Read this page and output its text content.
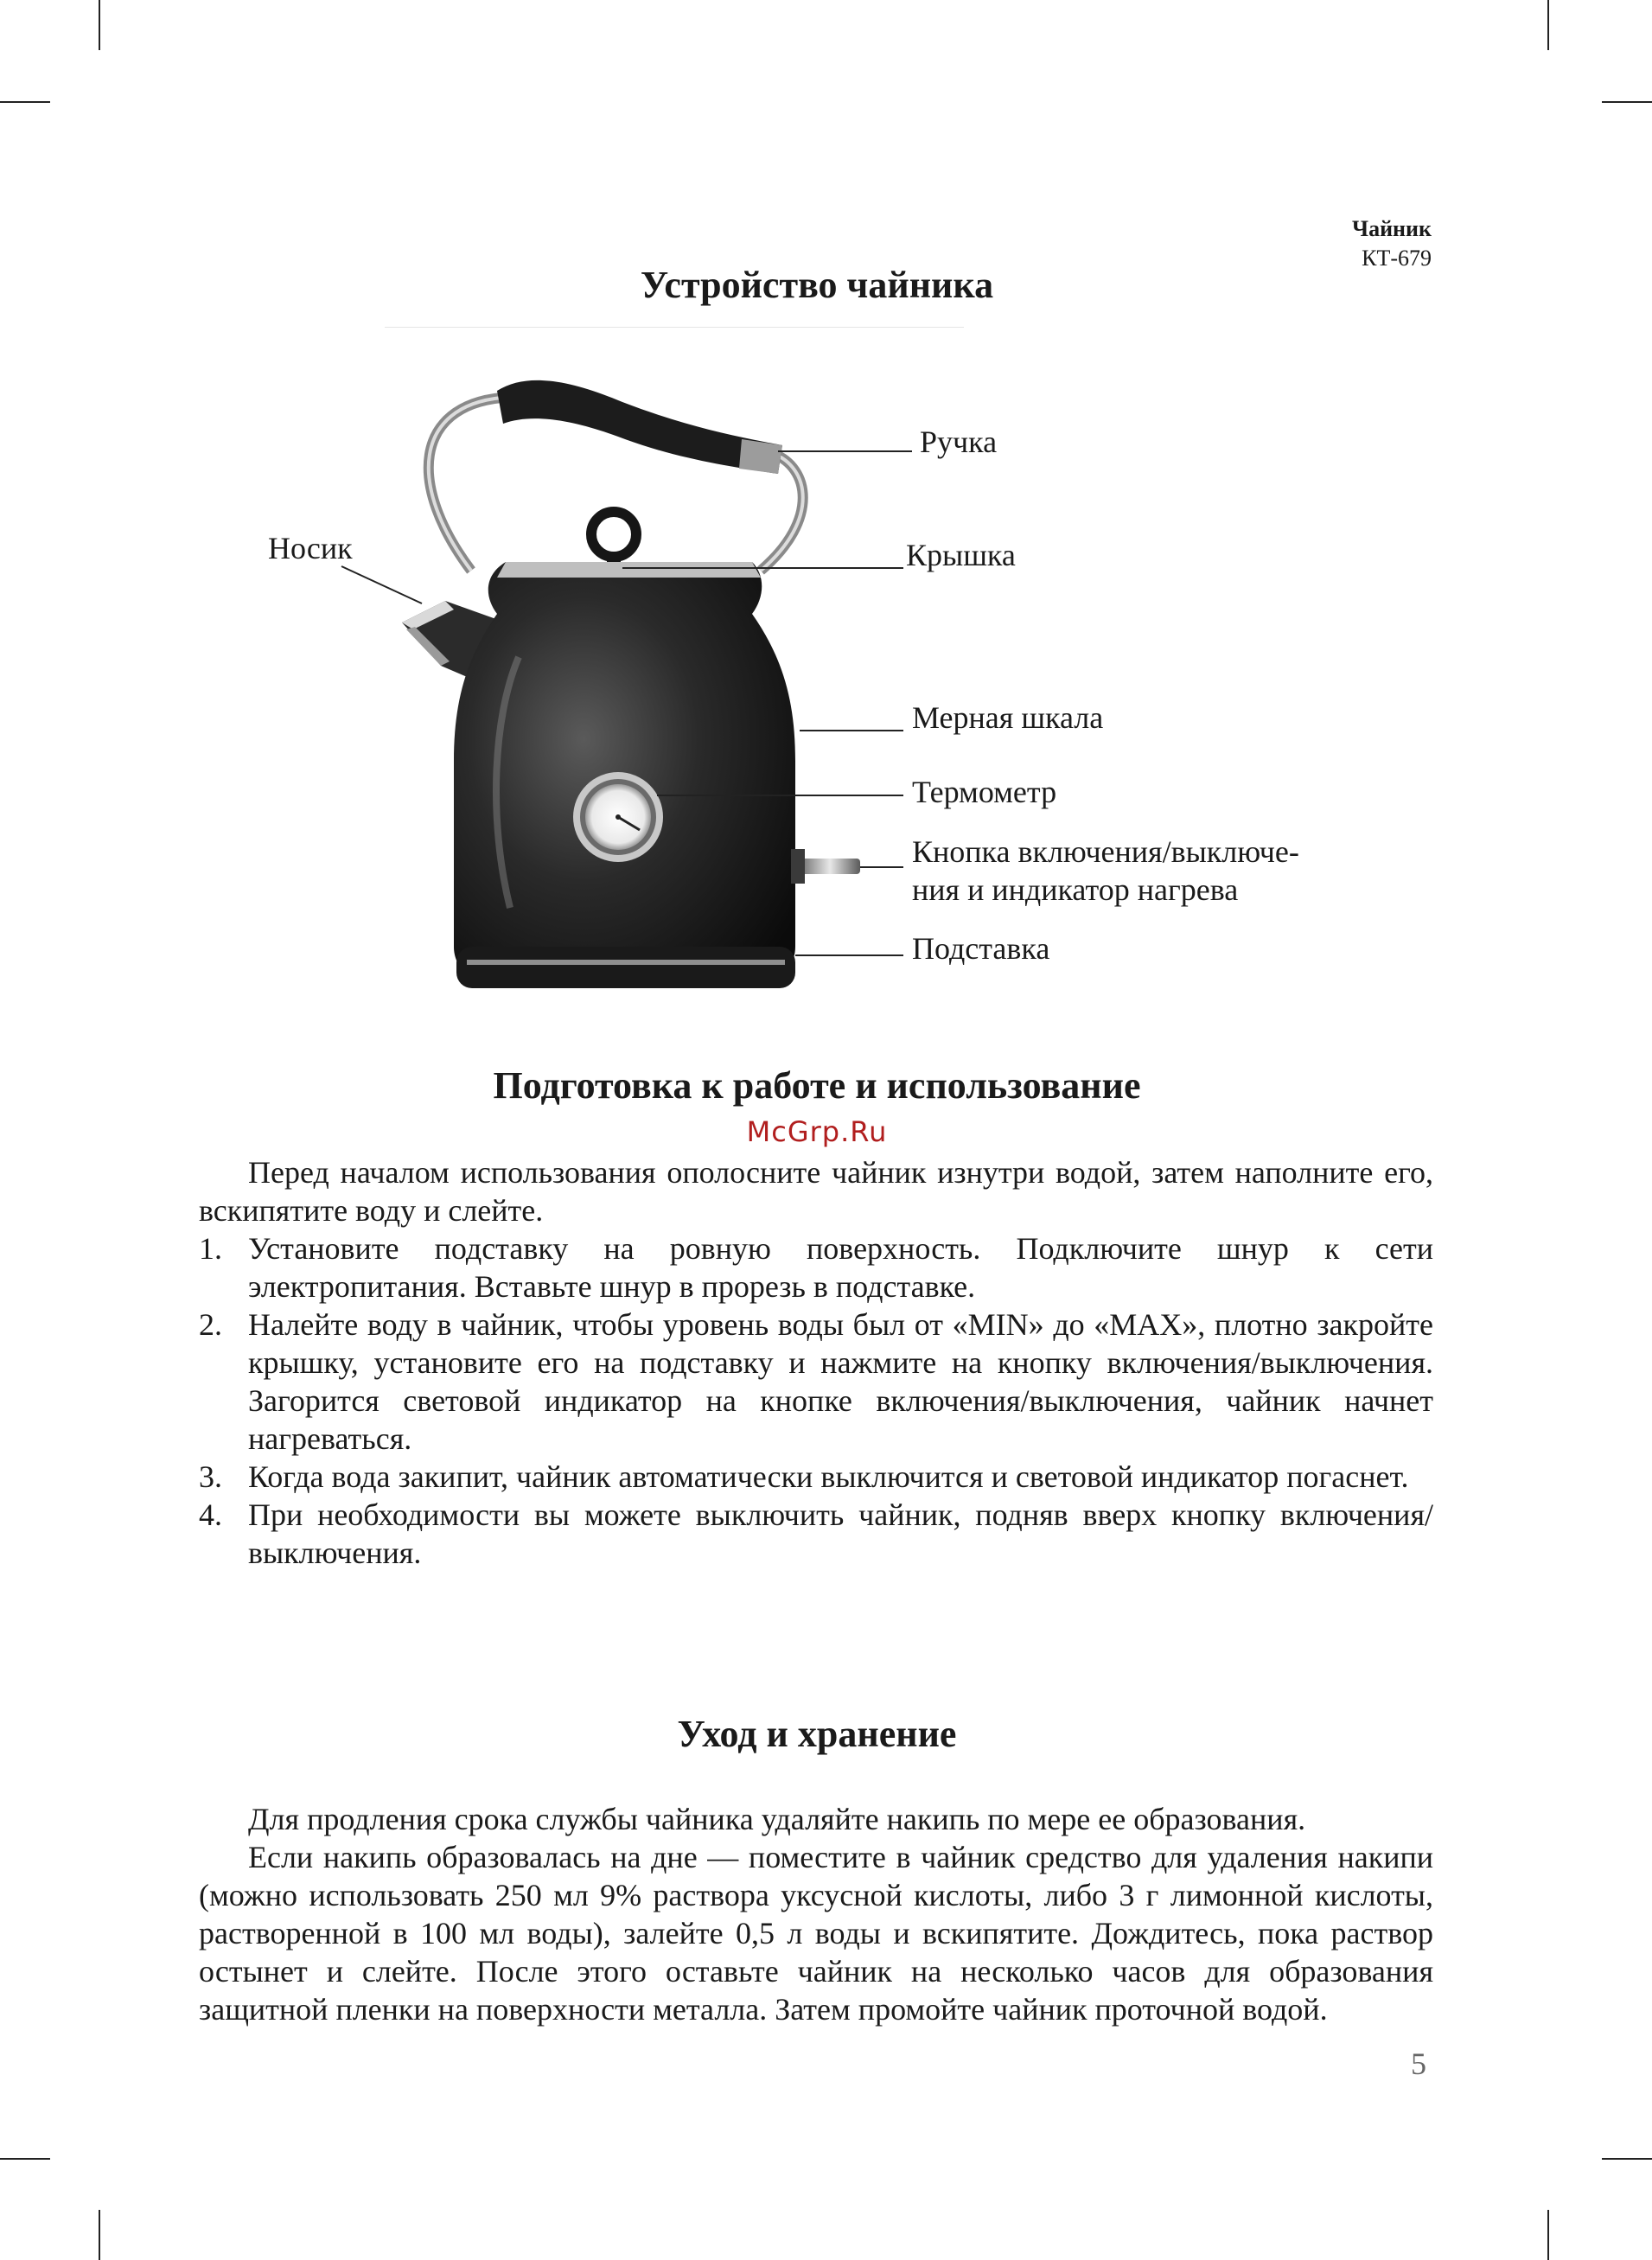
Чайник
КТ-679
Устройство чайника
Ручка
Крышка
Носик
Мерная шкала
Термометр
Кнопка включения/выключе-
ния и индикатор нагрева
Подставка
Подготовка к работе и использование
McGrp.Ru

Перед началом использования ополосните чайник изнутри водой, затем наполните его, вскипятите воду и слейте.

1. Установите подставку на ровную поверхность. Подключите шнур к сети электропитания. Вставьте шнур в прорезь в подставке.
2. Налейте воду в чайник, чтобы уровень воды был от «MIN» до «MAX», плотно закройте крышку, установите его на подставку и нажмите на кнопку включения/выключения. Загорится световой индикатор на кнопке включения/выключения, чайник начнет нагреваться.
3. Когда вода закипит, чайник автоматически выключится и световой индикатор погаснет.
4. При необходимости вы можете выключить чайник, подняв вверх кнопку включения/выключения.
Уход и хранение

Для продления срока службы чайника удаляйте накипь по мере ее образования.

Если накипь образовалась на дне — поместите в чайник средство для удаления накипи (можно использовать 250 мл 9% раствора уксусной кислоты, либо 3 г лимонной кислоты, растворенной в 100 мл воды), залейте 0,5 л воды и вскипятите. Дождитесь, пока раствор остынет и слейте. После этого оставьте чайник на несколько часов для образования защитной пленки на поверхности металла. Затем промойте чайник проточной водой.

5
